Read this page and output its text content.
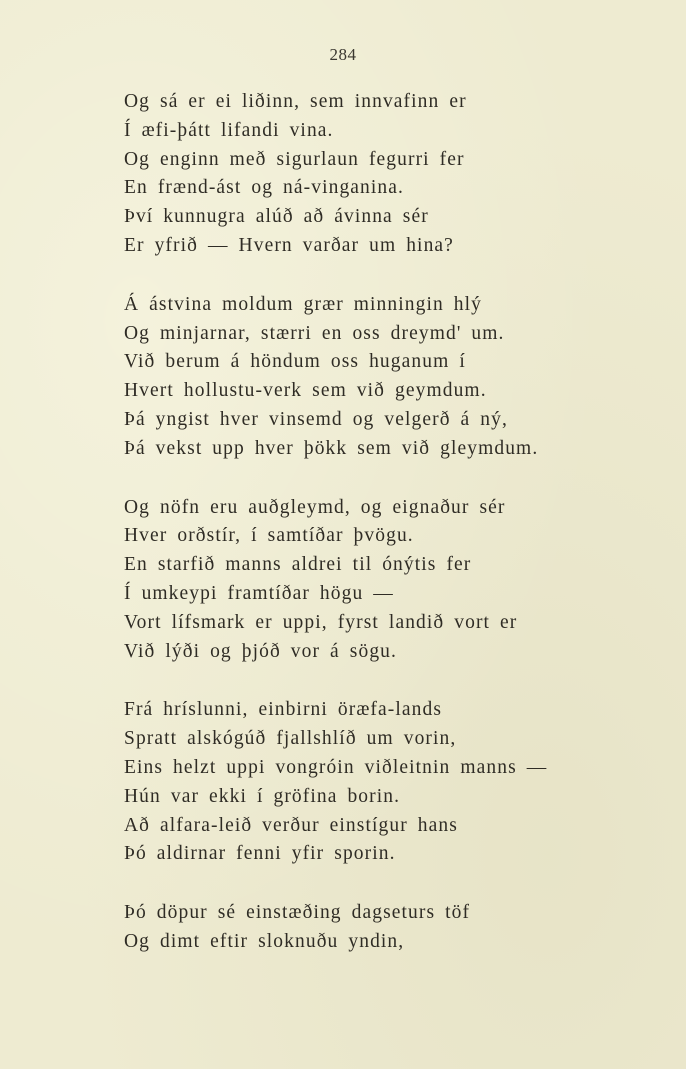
284
Og sá er ei liðinn, sem innvafinn er
Í æfi-þátt lifandi vina.
Og enginn með sigurlaun fegurri fer
En frænd-ást og ná-vinganina.
Því kunnugra alúð að ávinna sér
Er yfrið — Hvern varðar um hina?
Á ástvina moldum grær minningin hlý
Og minjarnar, stærri en oss dreymd' um.
Við berum á höndum oss huganum í
Hvert hollustu-verk sem við geymdum.
Þá yngist hver vinsemd og velgerð á ný,
Þá vekst upp hver þökk sem við gleymdum.
Og nöfn eru auðgleymd, og eignaður sér
Hver orðstír, í samtíðar þvögu.
En starfið manns aldrei til ónýtis fer
Í umkeypi framtíðar högu —
Vort lífsmark er uppi, fyrst landið vort er
Við lýði og þjóð vor á sögu.
Frá hríslunni, einbirni öræfa-lands
Spratt alskógúð fjallshlíð um vorin,
Eins helzt uppi vongróin viðleitnin manns —
Hún var ekki í gröfina borin.
Að alfara-leið verður einstígur hans
Þó aldirnar fenni yfir sporin.
Þó döpur sé einstæðing dagseturs töf
Og dimt eftir sloknuðu yndin,
